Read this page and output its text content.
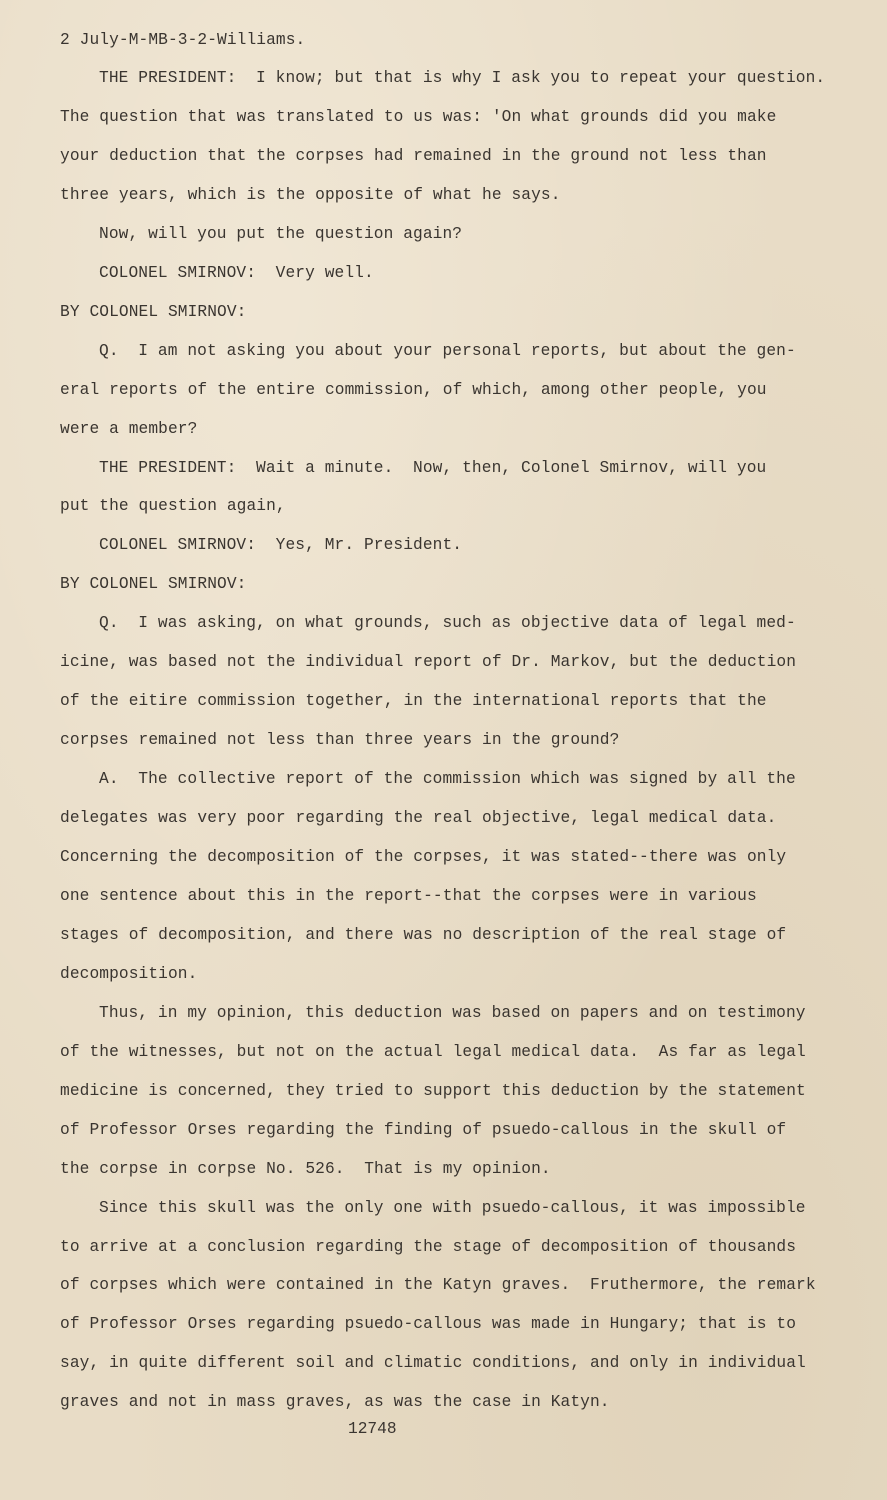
2 July-M-MB-3-2-Williams.
THE PRESIDENT:  I know; but that is why I ask you to repeat your question.
The question that was translated to us was: 'On what grounds did you make
your deduction that the corpses had remained in the ground not less than
three years, which is the opposite of what he says.
Now, will you put the question again?
COLONEL SMIRNOV:  Very well.
BY COLONEL SMIRNOV:
Q.  I am not asking you about your personal reports, but about the gen-
eral reports of the entire commission, of which, among other people, you
were a member?
THE PRESIDENT:  Wait a minute.  Now, then, Colonel Smirnov, will you
put the question again,
COLONEL SMIRNOV:  Yes, Mr. President.
BY COLONEL SMIRNOV:
Q.  I was asking, on what grounds, such as objective data of legal med-
icine, was based not the individual report of Dr. Markov, but the deduction
of the eitire commission together, in the international reports that the
corpses remained not less than three years in the ground?
A.  The collective report of the commission which was signed by all the
delegates was very poor regarding the real objective, legal medical data.
Concerning the decomposition of the corpses, it was stated--there was only
one sentence about this in the report--that the corpses were in various
stages of decomposition, and there was no description of the real stage of
decomposition.
Thus, in my opinion, this deduction was based on papers and on testimony
of the witnesses, but not on the actual legal medical data.  As far as legal
medicine is concerned, they tried to support this deduction by the statement
of Professor Orses regarding the finding of psuedo-callous in the skull of
the corpse in corpse No. 526.  That is my opinion.
Since this skull was the only one with psuedo-callous, it was impossible
to arrive at a conclusion regarding the stage of decomposition of thousands
of corpses which were contained in the Katyn graves.  Fruthermore, the remark
of Professor Orses regarding psuedo-callous was made in Hungary; that is to
say, in quite different soil and climatic conditions, and only in individual
graves and not in mass graves, as was the case in Katyn.
12748
